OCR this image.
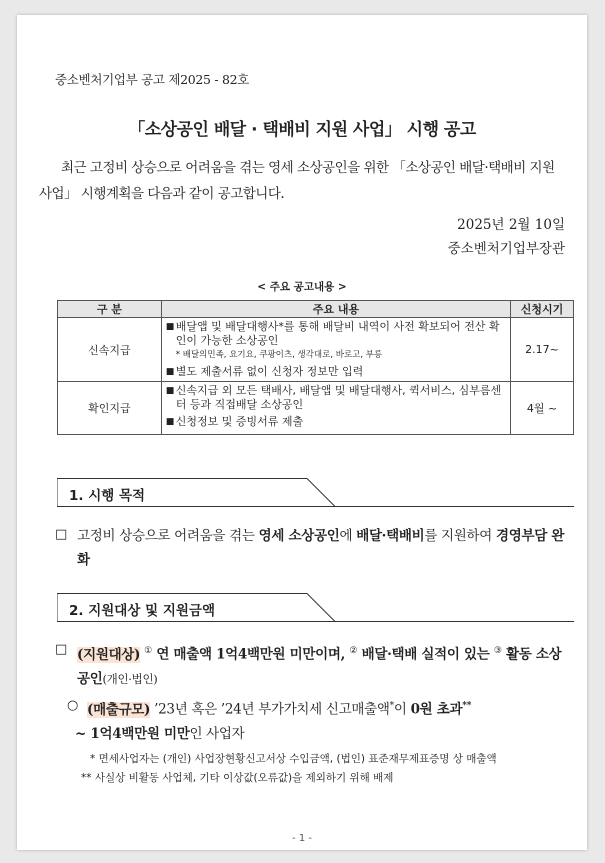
중소벤처기업부 공고 제2025 - 82호
「소상공인 배달 · 택배비 지원 사업」 시행 공고
최근 고정비 상승으로 어려움을 겪는 영세 소상공인을 위한 「소상공인 배달·택배비 지원 사업」 시행계획을 다음과 같이 공고합니다.
2025년 2월 10일
중소벤처기업부장관
< 주요 공고내용 >
구 분	주요 내용	신청시기
신속지급	■ 배달앱 및 배달대행사*를 통해 배달비 내역이 사전 확보되어 전산 확인이 가능한 소상공인
* 배달의민족, 요기요, 쿠팡이츠, 생각대로, 바로고, 부릉
■ 별도 제출서류 없이 신청자 정보만 입력	2.17~
확인지급	■ 신속지급 외 모든 택배사, 배달앱 및 배달대행사, 퀵서비스, 심부름센터 등과 직접배달 소상공인
■ 신청정보 및 증빙서류 제출	4월 ~
1. 시행 목적
□ 고정비 상승으로 어려움을 겪는 영세 소상공인에 배달·택배비를 지원하여 경영부담 완화
2. 지원대상 및 지원금액
□ (지원대상) ① 연 매출액 1억4백만원 미만이며, ② 배달·택배 실적이 있는 ③ 활동 소상공인(개인·법인)
○ (매출규모) ’23년 혹은 ’24년 부가가치세 신고매출액*이 0원 초과**
~ 1억4백만원 미만인 사업자
* 면세사업자는 (개인) 사업장현황신고서상 수입금액, (법인) 표준재무제표증명 상 매출액
** 사실상 비활동 사업체, 기타 이상값(오류값)을 제외하기 위해 배제
- 1 -
